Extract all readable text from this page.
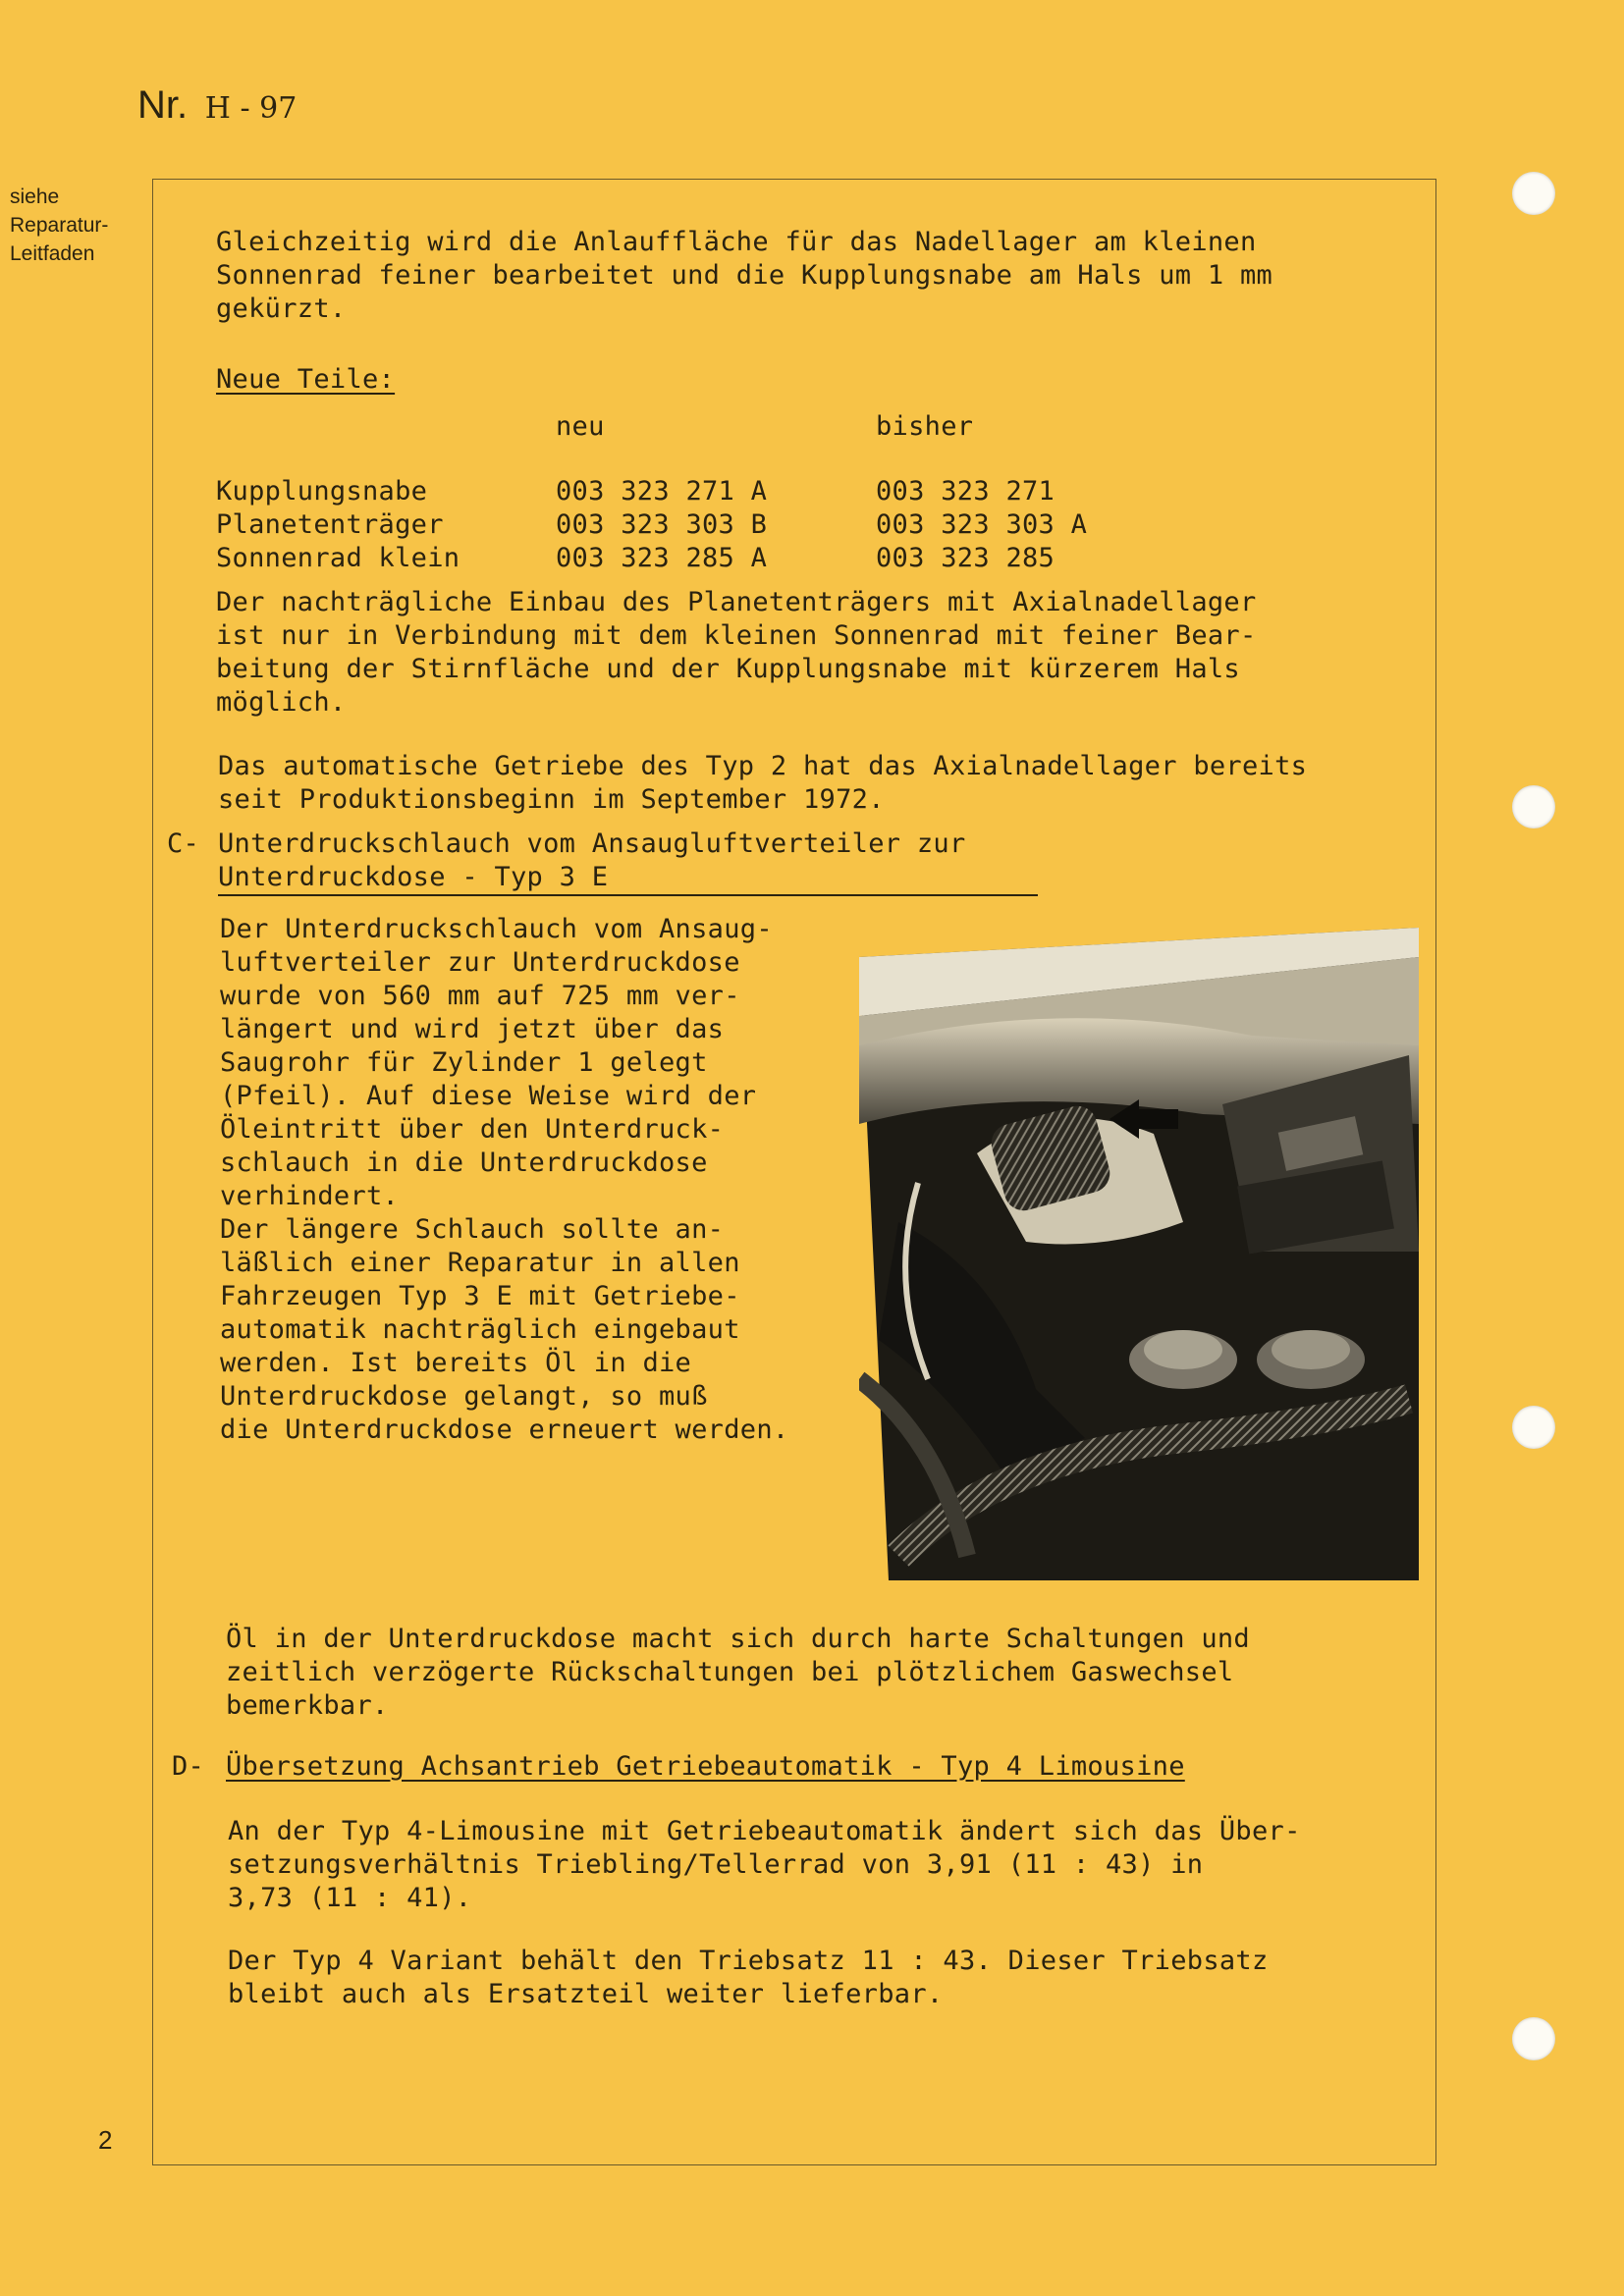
Nr. H - 97
siehe
Reparatur-
Leitfaden	Gleichzeitig wird die Anlauffläche für das Nadellager am kleinen
Sonnenrad feiner bearbeitet und die Kupplungsnabe am Hals um 1 mm
gekürzt.
Neue Teile:
	neu	bisher

Kupplungsnabe	003 323 271 A	003 323 271
Planetenträger	003 323 303 B	003 323 303 A
Sonnenrad klein	003 323 285 A	003 323 285
Der nachträgliche Einbau des Planetenträgers mit Axialnadellager
ist nur in Verbindung mit dem kleinen Sonnenrad mit feiner Bear-
beitung der Stirnfläche und der Kupplungsnabe mit kürzerem Hals
möglich.
Das automatische Getriebe des Typ 2 hat das Axialnadellager bereits
seit Produktionsbeginn im September 1972.
C- Unterdruckschlauch vom Ansaugluftverteiler zur
Unterdruckdose - Typ 3 E
Der Unterdruckschlauch vom Ansaug-
luftverteiler zur Unterdruckdose
wurde von 560 mm auf 725 mm ver-
längert und wird jetzt über das
Saugrohr für Zylinder 1 gelegt
(Pfeil). Auf diese Weise wird der
Öleintritt über den Unterdruck-
schlauch in die Unterdruckdose
verhindert.
Der längere Schlauch sollte an-
läßlich einer Reparatur in allen
Fahrzeugen Typ 3 E mit Getriebe-
automatik nachträglich eingebaut
werden. Ist bereits Öl in die
Unterdruckdose gelangt, so muß
die Unterdruckdose erneuert werden.
Öl in der Unterdruckdose macht sich durch harte Schaltungen und
zeitlich verzögerte Rückschaltungen bei plötzlichem Gaswechsel
bemerkbar.
D- Übersetzung Achsantrieb Getriebeautomatik - Typ 4 Limousine
An der Typ 4-Limousine mit Getriebeautomatik ändert sich das Über-
setzungsverhältnis Triebling/Tellerrad von 3,91 (11 : 43) in
3,73 (11 : 41).
Der Typ 4 Variant behält den Triebsatz 11 : 43. Dieser Triebsatz
bleibt auch als Ersatzteil weiter lieferbar.
2
